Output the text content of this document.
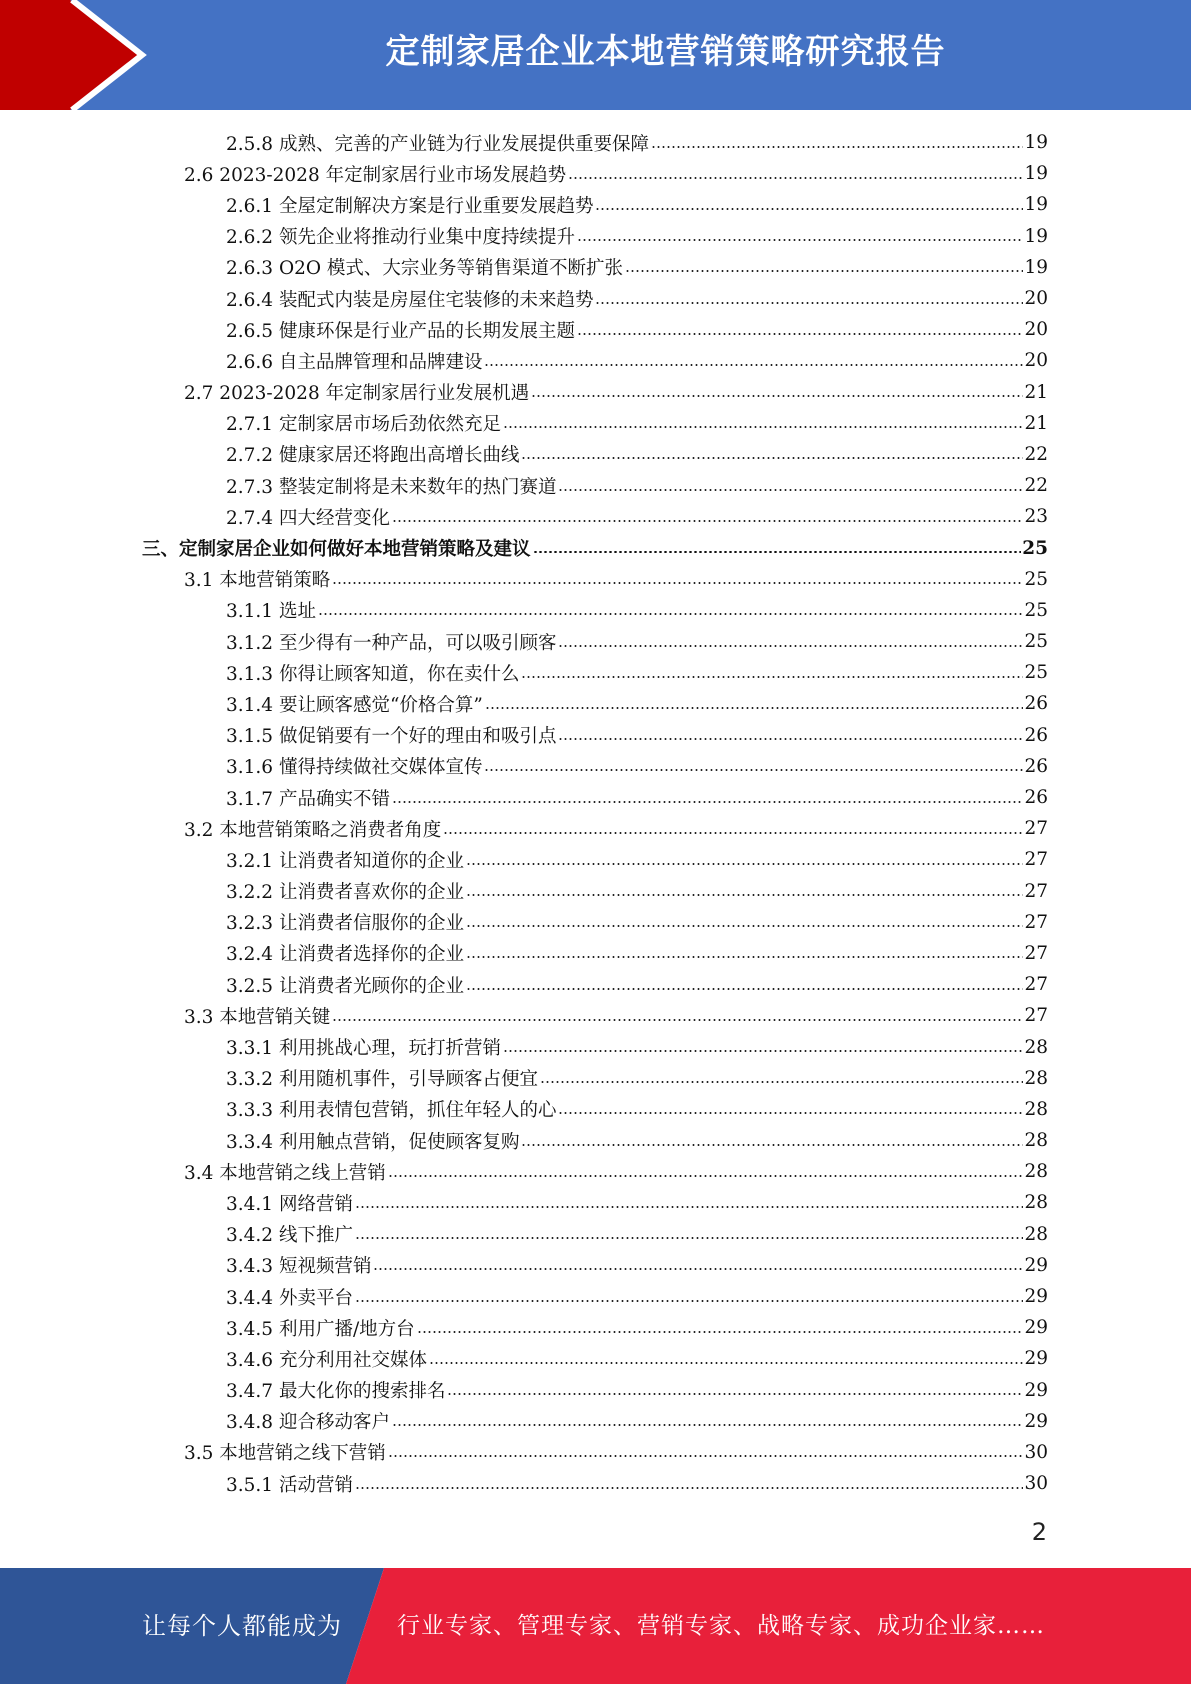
定制家居企业本地营销策略研究报告
2.5.8 成熟、完善的产业链为行业发展提供重要保障	19
2.6 2023-2028 年定制家居行业市场发展趋势	19
2.6.1 全屋定制解决方案是行业重要发展趋势	19
2.6.2 领先企业将推动行业集中度持续提升	19
2.6.3 O2O 模式、大宗业务等销售渠道不断扩张	19
2.6.4 装配式内装是房屋住宅装修的未来趋势	20
2.6.5 健康环保是行业产品的长期发展主题	20
2.6.6 自主品牌管理和品牌建设	20
2.7 2023-2028 年定制家居行业发展机遇	21
2.7.1 定制家居市场后劲依然充足	21
2.7.2 健康家居还将跑出高增长曲线	22
2.7.3 整装定制将是未来数年的热门赛道	22
2.7.4 四大经营变化	23
三、定制家居企业如何做好本地营销策略及建议	25
3.1 本地营销策略	25
3.1.1 选址	25
3.1.2 至少得有一种产品，可以吸引顾客	25
3.1.3 你得让顾客知道，你在卖什么	25
3.1.4 要让顾客感觉“价格合算”	26
3.1.5 做促销要有一个好的理由和吸引点	26
3.1.6 懂得持续做社交媒体宣传	26
3.1.7 产品确实不错	26
3.2 本地营销策略之消费者角度	27
3.2.1 让消费者知道你的企业	27
3.2.2 让消费者喜欢你的企业	27
3.2.3 让消费者信服你的企业	27
3.2.4 让消费者选择你的企业	27
3.2.5 让消费者光顾你的企业	27
3.3 本地营销关键	27
3.3.1 利用挑战心理，玩打折营销	28
3.3.2 利用随机事件，引导顾客占便宜	28
3.3.3 利用表情包营销，抓住年轻人的心	28
3.3.4 利用触点营销，促使顾客复购	28
3.4 本地营销之线上营销	28
3.4.1 网络营销	28
3.4.2 线下推广	28
3.4.3 短视频营销	29
3.4.4 外卖平台	29
3.4.5 利用广播/地方台	29
3.4.6 充分利用社交媒体	29
3.4.7 最大化你的搜索排名	29
3.4.8 迎合移动客户	29
3.5 本地营销之线下营销	30
3.5.1 活动营销	30
2
让每个人都能成为 行业专家、管理专家、营销专家、战略专家、成功企业家……
